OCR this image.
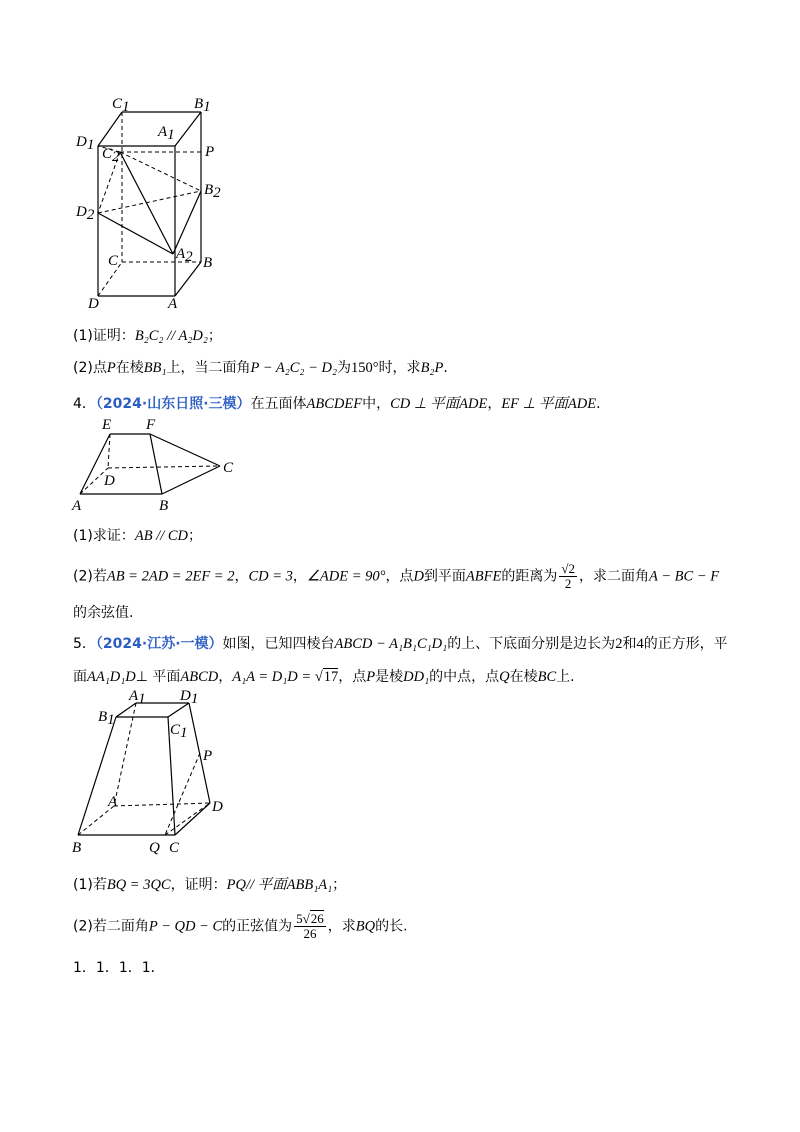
C1	B1
D1
A1
C2	P
B2
D2
A2
C	B
D	A
(1)证明：B₂C₂ // A₂D₂；
(2)点P在棱BB₁上，当二面角P − A₂C₂ − D₂为150°时，求B₂P.
4．（2024·山东日照·三模）在五面体ABCDEF中，CD ⊥ 平面ADE，EF ⊥ 平面ADE.
E F
C
D
A	B
(1)求证：AB // CD；
(2)若AB = 2AD = 2EF = 2，CD = 3，∠ADE = 90°，点D到平面ABFE的距离为 $\frac{√2}{2}$ ，求二面角A − BC − F
的余弦值.
5．（2024·江苏·一模）如图，已知四棱台ABCD − A₁B₁C₁D₁的上、下底面分别是边长为2和4的正方形，平
面AA₁D₁D⊥ 平面ABCD，A₁A = D₁D = √17，点P是棱DD₁的中点，点Q在棱BC上.
A1 D1
B1
C1
P
A	D
B	Q C
(1)若BQ = 3QC，证明：PQ// 平面ABB₁A₁；
(2)若二面角P − QD − C的正弦值为 $\frac{5√26}{26}$ ，求BQ的长.
1．1．1．1．
